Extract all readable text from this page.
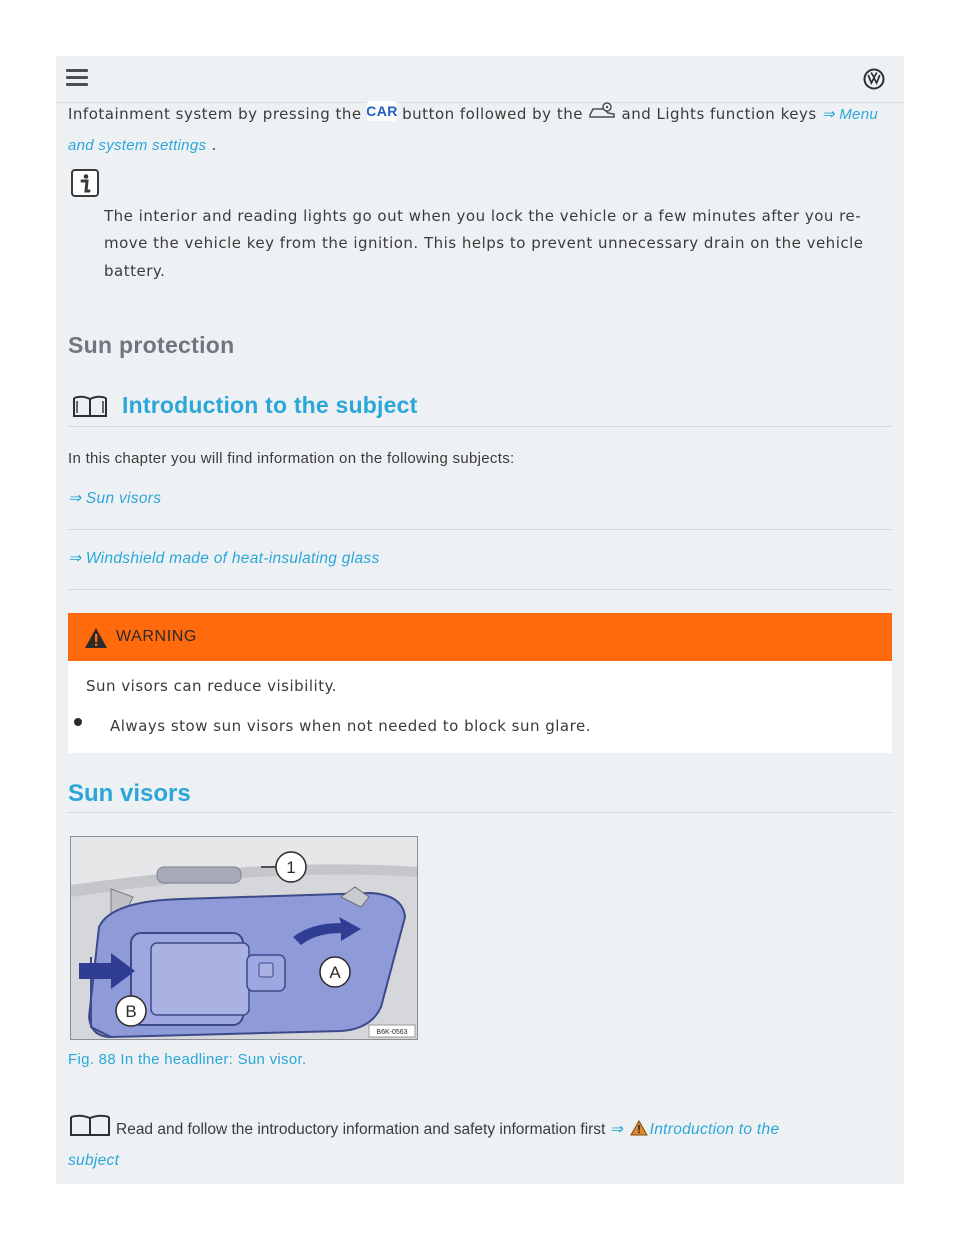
Infotainment system by pressing the CAR button followed by the	and Lights function keys ⇒ Menu
and system settings .
The interior and reading lights go out when you lock the vehicle or a few minutes after you re-
move the vehicle key from the ignition. This helps to prevent unnecessary drain on the vehicle
battery.
Sun protection
Introduction to the subject
In this chapter you will find information on the following subjects:
⇒ Sun visors
⇒ Windshield made of heat-insulating glass
WARNING
Sun visors can reduce visibility.
Always stow sun visors when not needed to block sun glare.
Sun visors
1
A
B
B6K-0563
Fig. 88 In the headliner: Sun visor.
Read and follow the introductory information and safety information first ⇒ Introduction to the
subject
